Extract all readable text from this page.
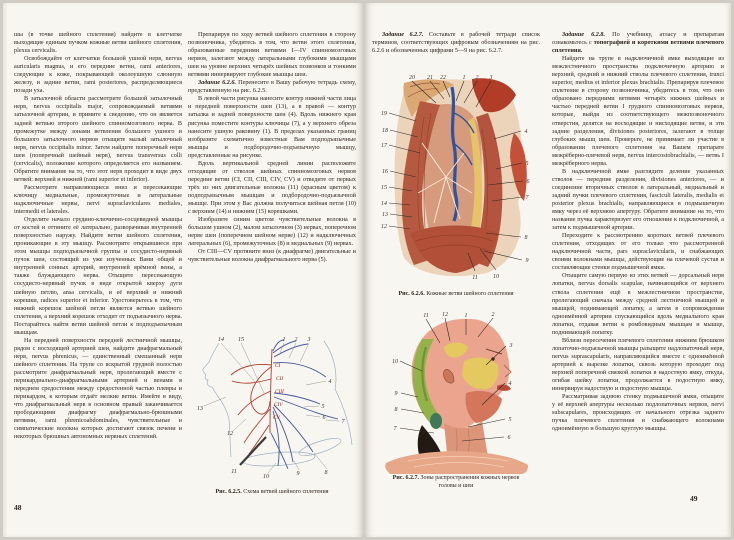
шы (в точке шейного сплетения) найдите в клетчатке выходящие единым пучком кожные ветви шейного сплетения, plexus cervicalis.

Освобождайте от клетчатки большой ушной нерв, nervus auricularis magnus, и его передние ветви, rami anteriores, следующие к коже, покрывающей околоушную слюнную железу, и задние ветви, rami posteriores, распределяющиеся позади уха.

В затылочной области рассмотрите большой затылочный нерв, nervus occipitalis major, сопровождаемый ветвями затылочной артерии, и примите к сведению, что он является задней ветвью второго шейного спинномозгового нерва. В промежутке между зонами ветвления большого ушного и большого затылочного нервов отыщите малый затылочный нерв, nervus occipitalis minor. Затем найдите поперечный нерв шеи (поперечный шейный нерв), nervus transversus colli (cervicalis), положение которого определяется его названием. Обратите внимание на то, что этот нерв проходит в виде двух ветвей: верхней и нижней (rami superior et inferior).

Рассмотрите направляющиеся вниз и пересекающие ключицу медиальные, промежуточные и латеральные надключичные нервы, nervi supraclaviculares mediales, intermedii et laterales.

Отделите начало грудино-ключично-сосцевидной мышцы от костей и оттяните её латерально, разворачивая внутренней поверхностью наружу. Найдите ветви шейного сплетения, проникающие в эту мышцу. Рассмотрите открывшиеся при этом мышцы подподъязычной группы и сосудисто-нервный пучок шеи, состоящий из уже изученных Вами общей и внутренней сонных артерий, внутренней ярёмной вены, а также блуждающего нерва. Отыщите пересекающую сосудисто-нервный пучок в виде открытой кверху дуги шейную петлю, ansa cervicalis, и её верхний и нижний корешки, radices superior et inferior. Удостоверьтесь в том, что нижний корешок шейной петли является ветвью шейного сплетения, а верхний корешок отходит от подъязычного нерва. Постарайтесь найти ветви шейной петли к подподъязычным мышцам.

На передней поверхности передней лестничной мышцы, рядом с восходящей артерией шеи, найдите диафрагмальный нерв, nervus phrenicus, — единственный смешанный нерв шейного сплетения. На трупе со вскрытой грудной полостью рассмотрите диафрагмальный нерв, пролегающий вместе с перикардиально-диафрагмальными артерией и венами в переднем средостении между средостенной частью плевры и перикардом, к которым отдаёт мелкие ветви. Имейте в виду, что диафрагмальный нерв в основном правый заканчивается прободающими диафрагму диафрагмально-брюшными ветвями, rami phrenicoabdominales, чувствительные и симпатические волокна которых достигают связок печени и некоторых брюшных автономных нервных сплетений.

Препарируя по ходу ветвей шейного сплетения в сторону позвоночника, убедитесь в том, что ветви этого сплетения, образованные передними ветвями I—IV спинномозговых нервов, залегают между латеральными глубокими мышцами шеи на уровне верхних четырёх шейных позвонков и тонкими ветвями иннервируют глубокие мышцы шеи.

Задание 6.2.6. Перенесите в Вашу рабочую тетрадь схему, представленную на рис. 6.2.5.

В левой части рисунка нанесите контур нижней части лица и передней поверхности шеи (13), а в правой — контур затылка и задней поверхности шеи (4). Вдоль нижнего края рисунка поместите контуры ключицы (7), а у верхнего обреза нанесите ушную раковину (1). В пределах указанных границ изобразите схематично известные Вам подподъязычные мышцы и подбородочно-подъязычную мышцу, представленные на рисунке.

Вдоль вертикальной средней линии расположите отходящие от стволов шейных спинномозговых нервов передние ветви (CI, CII, CIII, CIV, CV) и отведите от первых трёх из них двигательные волокна (11) (красным цветом) к подподъязычным мышцам и подбородочно-подъязычной мышце. При этом у Вас должна получиться шейная петля (10) с верхним (14) и нижним (15) корешками.

Изобразите синим цветом чувствительные волокна в большом ушном (2), малом затылочном (3) нервах, поперечном нерве шеи (поперечном шейном нерве) (12) и надключичных латеральных (6), промежуточных (8) и медиальных (9) нервах.

От CIII—CV протяните вниз (к диафрагме) двигательные и чувствительные волокна диафрагмального нерва (5).

CI
CII
CIII
CIV
CV
14 15	1 2 3
4
5
6
7
13
12
11
10	9	8
Рис. 6.2.5. Схема ветвей шейного сплетения
48

Задание 6.2.7. Составьте в рабочей тетради список терминов, соответствующих цифровым обозначениям на рис. 6.2.6 и обозначенных цифрами 5—9 на рис. 6.2.7.

20 21 22	1 2 3
19
18
17
16
15
14
13
12
4
5
6
7
8
9
11	10
Рис. 6.2.6. Кожные ветви шейного сплетения
11 12	1	2
3
4
5
6
10
9
8
7
Рис. 6.2.7. Зоны распространения кожных нервов
головы и шеи

Задание 6.2.8. По учебнику, атласу и препаратам ознакомьтесь с топографией и короткими ветвями плечевого сплетения.

Найдите на трупе в надключичной ямке выходящие из межлестничного пространства подключичную артерию и верхний, средний и нижний стволы плечевого сплетения, trunci superior, medius et inferior plexus brachialis. Препарируя плечевое сплетение в сторону позвоночника, убедитесь в том, что оно образовано передними ветвями четырёх нижних шейных и частью передней ветви I грудного спинномозговых нервов, которые, выйдя из соответствующего межпозвоночного отверстия, делятся на восходящие и нисходящие ветви, и эти задние разделения, divisiones posteriores, залегают в толще глубоких мышц шеи. Проверьте, не принимает ли участие в образовании плечевого сплетения на Вашем препарате межрёберно-плечевой нерв, nervus intercostobrachialis, — ветвь I межрёберного нерва.

В надключичной ямке разглядите деление указанных стволов — передние разделения, divisiones anteriores, — и соединение вторичных стволов в латеральный, медиальный и задний пучки плечевого сплетения, fasciculi lateralis, medialis et posterior plexus brachialis, направляющиеся в подмышечную ямку через её верхнюю апертуру. Обратите внимание на то, что название пучка характеризует его отношение к подключичной, а затем к подмышечной артерии.

Переходите к рассмотрению коротких ветвей плечевого сплетения, отходящих от его только что рассмотренной надключичной части, pars supraclavicularis, и снабжающих своими волокнами мышцы, действующие на плечевой сустав и составляющие стенки подмышечной ямки.

Отыщите самую первую из этих ветвей — дорсальный нерв лопатки, nervus dorsalis scapulae, начинающийся от верхнего ствола сплетения ещё в межлестничном пространстве, пролегающий сначала между средней лестничной мышцей и мышцей, поднимающей лопатку, а затем в сопровождении одноимённой артерии спускающийся вдоль медиального края лопатки, отдавая ветви к ромбовидным мышцам и мышце, поднимающей лопатку.

Вблизи пересечения плечевого сплетения нижним брюшком лопаточно-подъязычной мышцы разыщите надлопаточный нерв, nervus suprascapularis, направляющийся вместе с одноимённой артерией к вырезке лопатки, сквозь которую проходит под верхней поперечной связкой лопатки в надостную ямку, откуда, огибая шейку лопатки, продолжается в подостную ямку, иннервируя надостную и подостную мышцы.

Рассматривая заднюю стенку подмышечной ямки, отыщите у её верхней апертуры несколько подлопаточных нервов, nervi subscapulares, происходящих от начального отрезка заднего пучка плечевого сплетения и снабжающего волокнами одноимённую и большую круглую мышцы.

49
